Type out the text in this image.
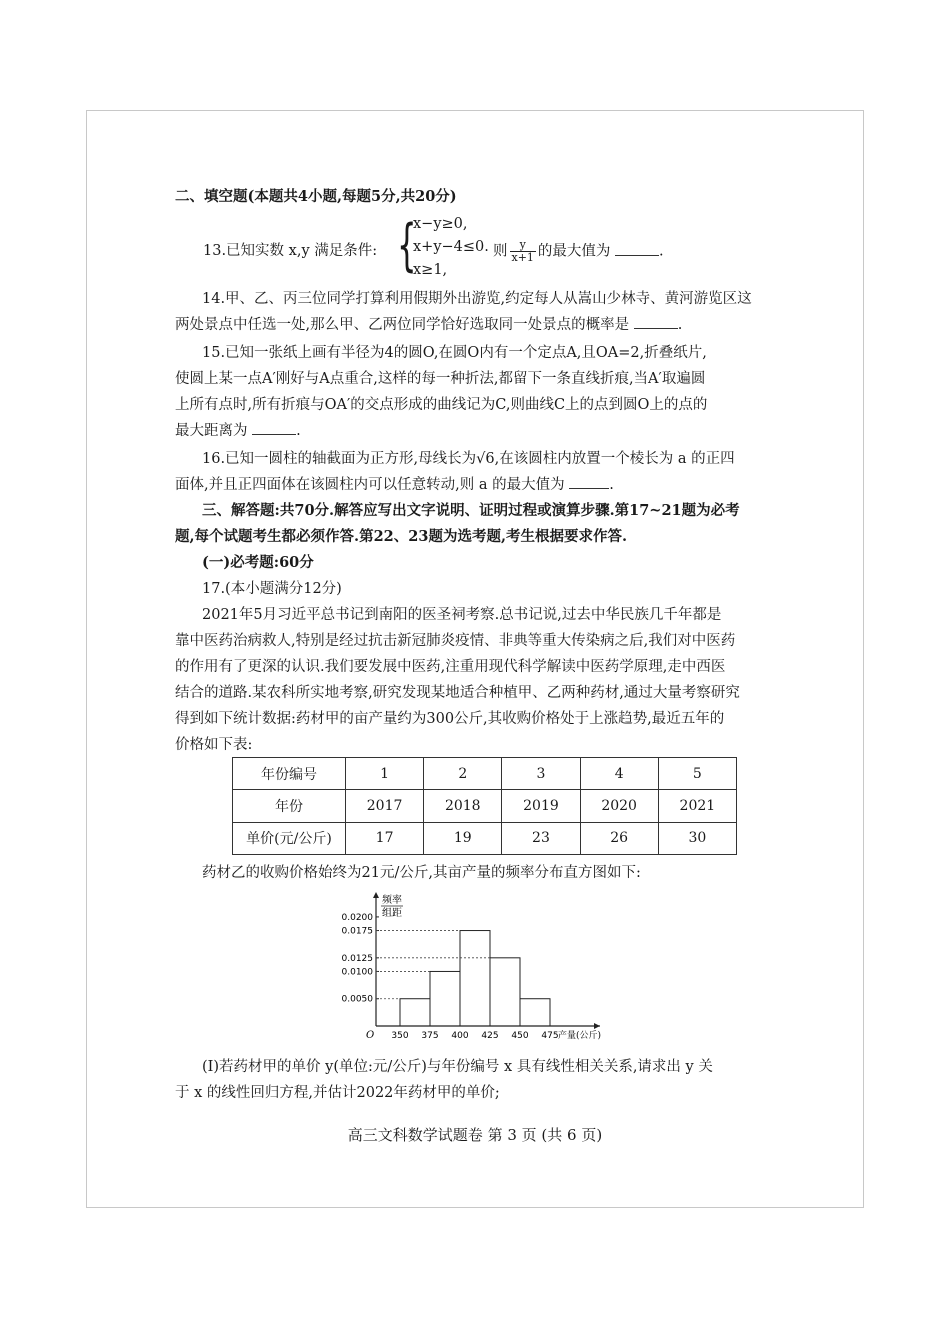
二、填空题(本题共4小题,每题5分,共20分)
13.已知实数 x,y 满足条件: {
x−y≥0,
x+y−4≤0.
x≥1,
则 $\frac{y}{x+1}$ 的最大值为	.
14.甲、乙、丙三位同学打算利用假期外出游览,约定每人从嵩山少林寺、黄河游览区这
两处景点中任选一处,那么甲、乙两位同学恰好选取同一处景点的概率是	.
15.已知一张纸上画有半径为4的圆O,在圆O内有一个定点A,且OA=2,折叠纸片,
使圆上某一点A′刚好与A点重合,这样的每一种折法,都留下一条直线折痕,当A′取遍圆
上所有点时,所有折痕与OA′的交点形成的曲线记为C,则曲线C上的点到圆O上的点的
最大距离为	.
16.已知一圆柱的轴截面为正方形,母线长为√6,在该圆柱内放置一个棱长为 a 的正四
面体,并且正四面体在该圆柱内可以任意转动,则 a 的最大值为	.
三、解答题:共70分.解答应写出文字说明、证明过程或演算步骤.第17~21题为必考
题,每个试题考生都必须作答.第22、23题为选考题,考生根据要求作答.
(一)必考题:60分
17.(本小题满分12分)
2021年5月习近平总书记到南阳的医圣祠考察.总书记说,过去中华民族几千年都是
靠中医药治病救人,特别是经过抗击新冠肺炎疫情、非典等重大传染病之后,我们对中医药
的作用有了更深的认识.我们要发展中医药,注重用现代科学解读中医药学原理,走中西医
结合的道路.某农科所实地考察,研究发现某地适合种植甲、乙两种药材,通过大量考察研究
得到如下统计数据:药材甲的亩产量约为300公斤,其收购价格处于上涨趋势,最近五年的
价格如下表:
年份编号	1	2	3	4	5
年份	2017	2018	2019	2020	2021
单价(元/公斤)	17	19	23	26	30
药材乙的收购价格始终为21元/公斤,其亩产量的频率分布直方图如下:
频率
组距
O
0.0050
0.0100
0.0125
0.0175
0.0200
350 375 400 425 450 475 产量(公斤)
(Ⅰ)若药材甲的单价 y(单位:元/公斤)与年份编号 x 具有线性相关关系,请求出 y 关
于 x 的线性回归方程,并估计2022年药材甲的单价;
高三文科数学试题卷 第 3 页 (共 6 页)
